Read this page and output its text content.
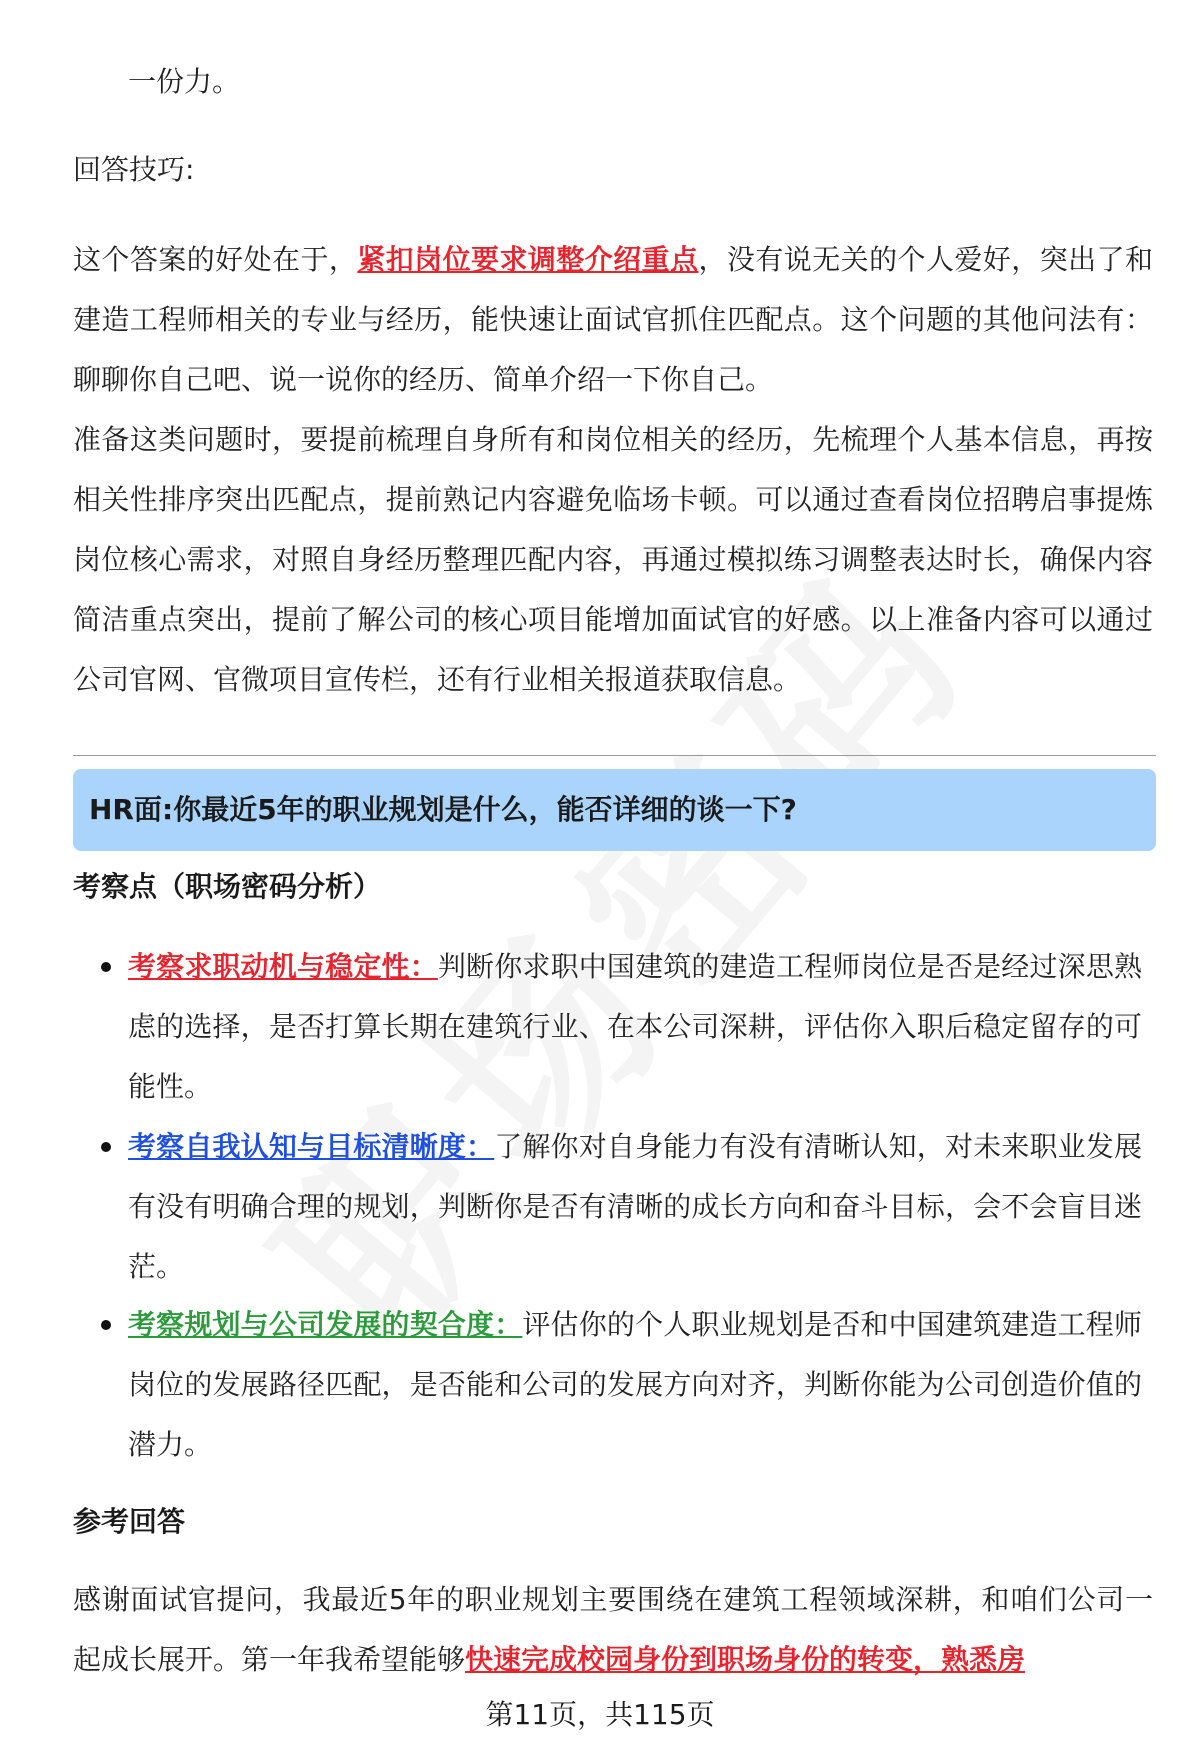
一份力。

回答技巧:

这个答案的好处在于，紧扣岗位要求调整介绍重点，没有说无关的个人爱好，突出了和建造工程师相关的专业与经历，能快速让面试官抓住匹配点。这个问题的其他问法有：聊聊你自己吧、说一说你的经历、简单介绍一下你自己。

准备这类问题时，要提前梳理自身所有和岗位相关的经历，先梳理个人基本信息，再按相关性排序突出匹配点，提前熟记内容避免临场卡顿。可以通过查看岗位招聘启事提炼岗位核心需求，对照自身经历整理匹配内容，再通过模拟练习调整表达时长，确保内容简洁重点突出，提前了解公司的核心项目能增加面试官的好感。以上准备内容可以通过公司官网、官微项目宣传栏，还有行业相关报道获取信息。

HR面:你最近5年的职业规划是什么，能否详细的谈一下?

考察点（职场密码分析）

考察求职动机与稳定性：判断你求职中国建筑的建造工程师岗位是否是经过深思熟虑的选择，是否打算长期在建筑行业、在本公司深耕，评估你入职后稳定留存的可能性。
考察自我认知与目标清晰度：了解你对自身能力有没有清晰认知，对未来职业发展有没有明确合理的规划，判断你是否有清晰的成长方向和奋斗目标，会不会盲目迷茫。
考察规划与公司发展的契合度：评估你的个人职业规划是否和中国建筑建造工程师岗位的发展路径匹配，是否能和公司的发展方向对齐，判断你能为公司创造价值的潜力。

参考回答

感谢面试官提问，我最近5年的职业规划主要围绕在建筑工程领域深耕，和咱们公司一起成长展开。第一年我希望能够快速完成校园身份到职场身份的转变，熟悉房

第11页，共115页
